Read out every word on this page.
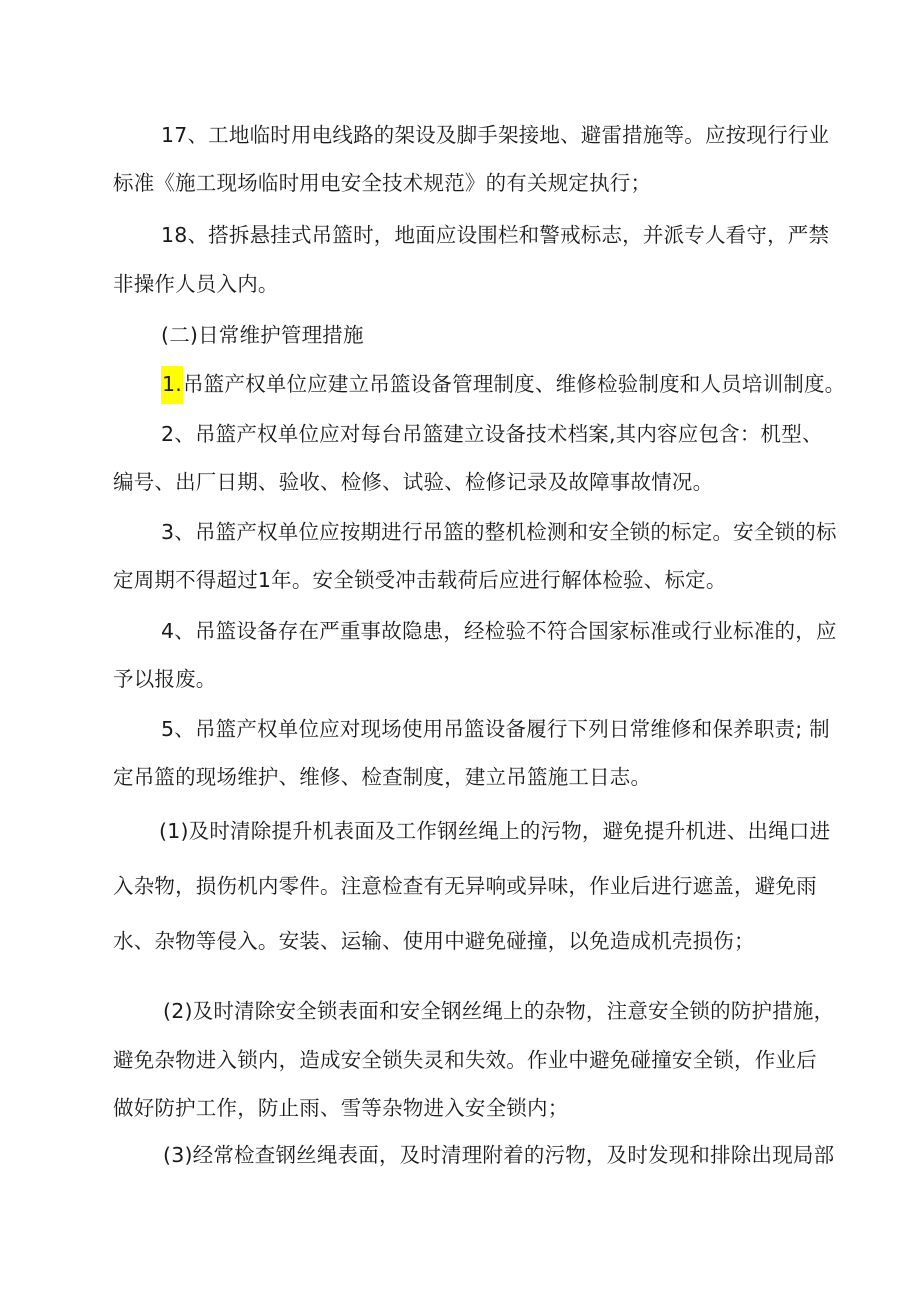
17、工地临时用电线路的架设及脚手架接地、避雷措施等。应按现行行业
标准《施工现场临时用电安全技术规范》的有关规定执行；
18、搭拆悬挂式吊篮时，地面应设围栏和警戒标志，并派专人看守，严禁
非操作人员入内。
(二)日常维护管理措施
1.吊篮产权单位应建立吊篮设备管理制度、维修检验制度和人员培训制度。
2、吊篮产权单位应对每台吊篮建立设备技术档案,其内容应包含：机型、
编号、出厂日期、验收、检修、试验、检修记录及故障事故情况。
3、吊篮产权单位应按期进行吊篮的整机检测和安全锁的标定。安全锁的标
定周期不得超过1年。安全锁受冲击载荷后应进行解体检验、标定。
4、吊篮设备存在严重事故隐患，经检验不符合国家标准或行业标准的，应
予以报废。
5、吊篮产权单位应对现场使用吊篮设备履行下列日常维修和保养职责; 制
定吊篮的现场维护、维修、检查制度，建立吊篮施工日志。
(1)及时清除提升机表面及工作钢丝绳上的污物，避免提升机进、出绳口进
入杂物，损伤机内零件。注意检查有无异响或异味，作业后进行遮盖，避免雨
水、杂物等侵入。安装、运输、使用中避免碰撞，以免造成机壳损伤；
(2)及时清除安全锁表面和安全钢丝绳上的杂物，注意安全锁的防护措施，
避免杂物进入锁内，造成安全锁失灵和失效。作业中避免碰撞安全锁，作业后
做好防护工作，防止雨、雪等杂物进入安全锁内；
(3)经常检查钢丝绳表面，及时清理附着的污物，及时发现和排除出现局部
